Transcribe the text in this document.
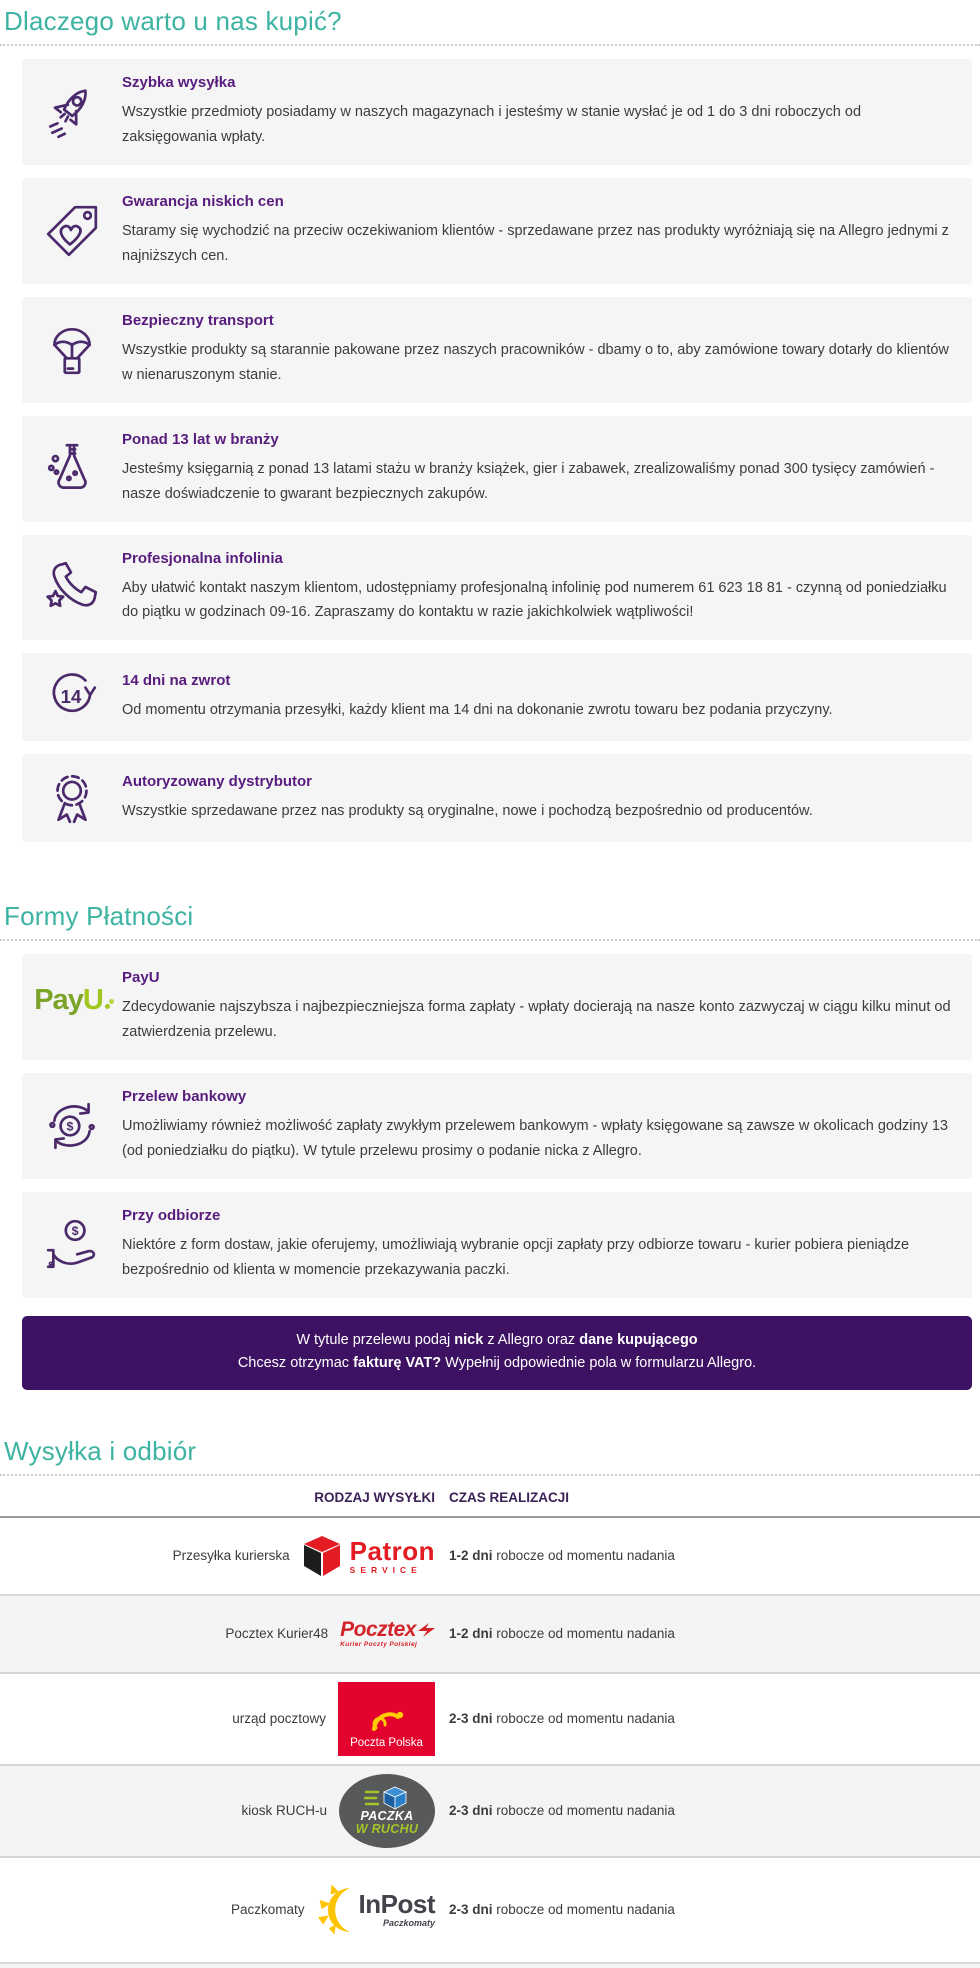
Dlaczego warto u nas kupić?
Szybka wysyłka

Wszystkie przedmioty posiadamy w naszych magazynach i jesteśmy w stanie wysłać je od 1 do 3 dni roboczych od zaksięgowania wpłaty.

Gwarancja niskich cen

Staramy się wychodzić na przeciw oczekiwaniom klientów - sprzedawane przez nas produkty wyróżniają się na Allegro jednymi z najniższych cen.

Bezpieczny transport

Wszystkie produkty są starannie pakowane przez naszych pracowników - dbamy o to, aby zamówione towary dotarły do klientów w nienaruszonym stanie.

Ponad 13 lat w branży

Jesteśmy księgarnią z ponad 13 latami stażu w branży książek, gier i zabawek, zrealizowaliśmy ponad 300 tysięcy zamówień - nasze doświadczenie to gwarant bezpiecznych zakupów.

Profesjonalna infolinia

Aby ułatwić kontakt naszym klientom, udostępniamy profesjonalną infolinię pod numerem 61 623 18 81 - czynną od poniedziałku do piątku w godzinach 09-16. Zapraszamy do kontaktu w razie jakichkolwiek wątpliwości!

14
14 dni na zwrot

Od momentu otrzymania przesyłki, każdy klient ma 14 dni na dokonanie zwrotu towaru bez podania przyczyny.

Autoryzowany dystrybutor

Wszystkie sprzedawane przez nas produkty są oryginalne, nowe i pochodzą bezpośrednio od producentów.

Formy Płatności
Pay U
PayU

Zdecydowanie najszybsza i najbezpieczniejsza forma zapłaty - wpłaty docierają na nasze konto zazwyczaj w ciągu kilku minut od zatwierdzenia przelewu.

$
Przelew bankowy

Umożliwiamy również możliwość zapłaty zwykłym przelewem bankowym - wpłaty księgowane są zawsze w okolicach godziny 13 (od poniedziałku do piątku). W tytule przelewu prosimy o podanie nicka z Allegro.

$
Przy odbiorze

Niektóre z form dostaw, jakie oferujemy, umożliwiają wybranie opcji zapłaty przy odbiorze towaru - kurier pobiera pieniądze bezpośrednio od klienta w momencie przekazywania paczki.

W tytule przelewu podaj nick z Allegro oraz dane kupującego
Chcesz otrzymac fakturę VAT? Wypełnij odpowiednie pola w formularzu Allegro.
Wysyłka i odbiór
RODZAJ WYSYŁKI	CZAS REALIZACJI
Przesyłka kurierska Patron
SERVICE
1-2 dni robocze od momentu nadania
Pocztex Kurier48 Pocztex
Kurier Poczty Polskiej
1-2 dni robocze od momentu nadania
urząd pocztowy
Poczta Polska
2-3 dni robocze od momentu nadania
kiosk RUCH-u	PACZKA
W RUCHU
2-3 dni robocze od momentu nadania
Paczkomaty InPost
Paczkomaty
2-3 dni robocze od momentu nadania
